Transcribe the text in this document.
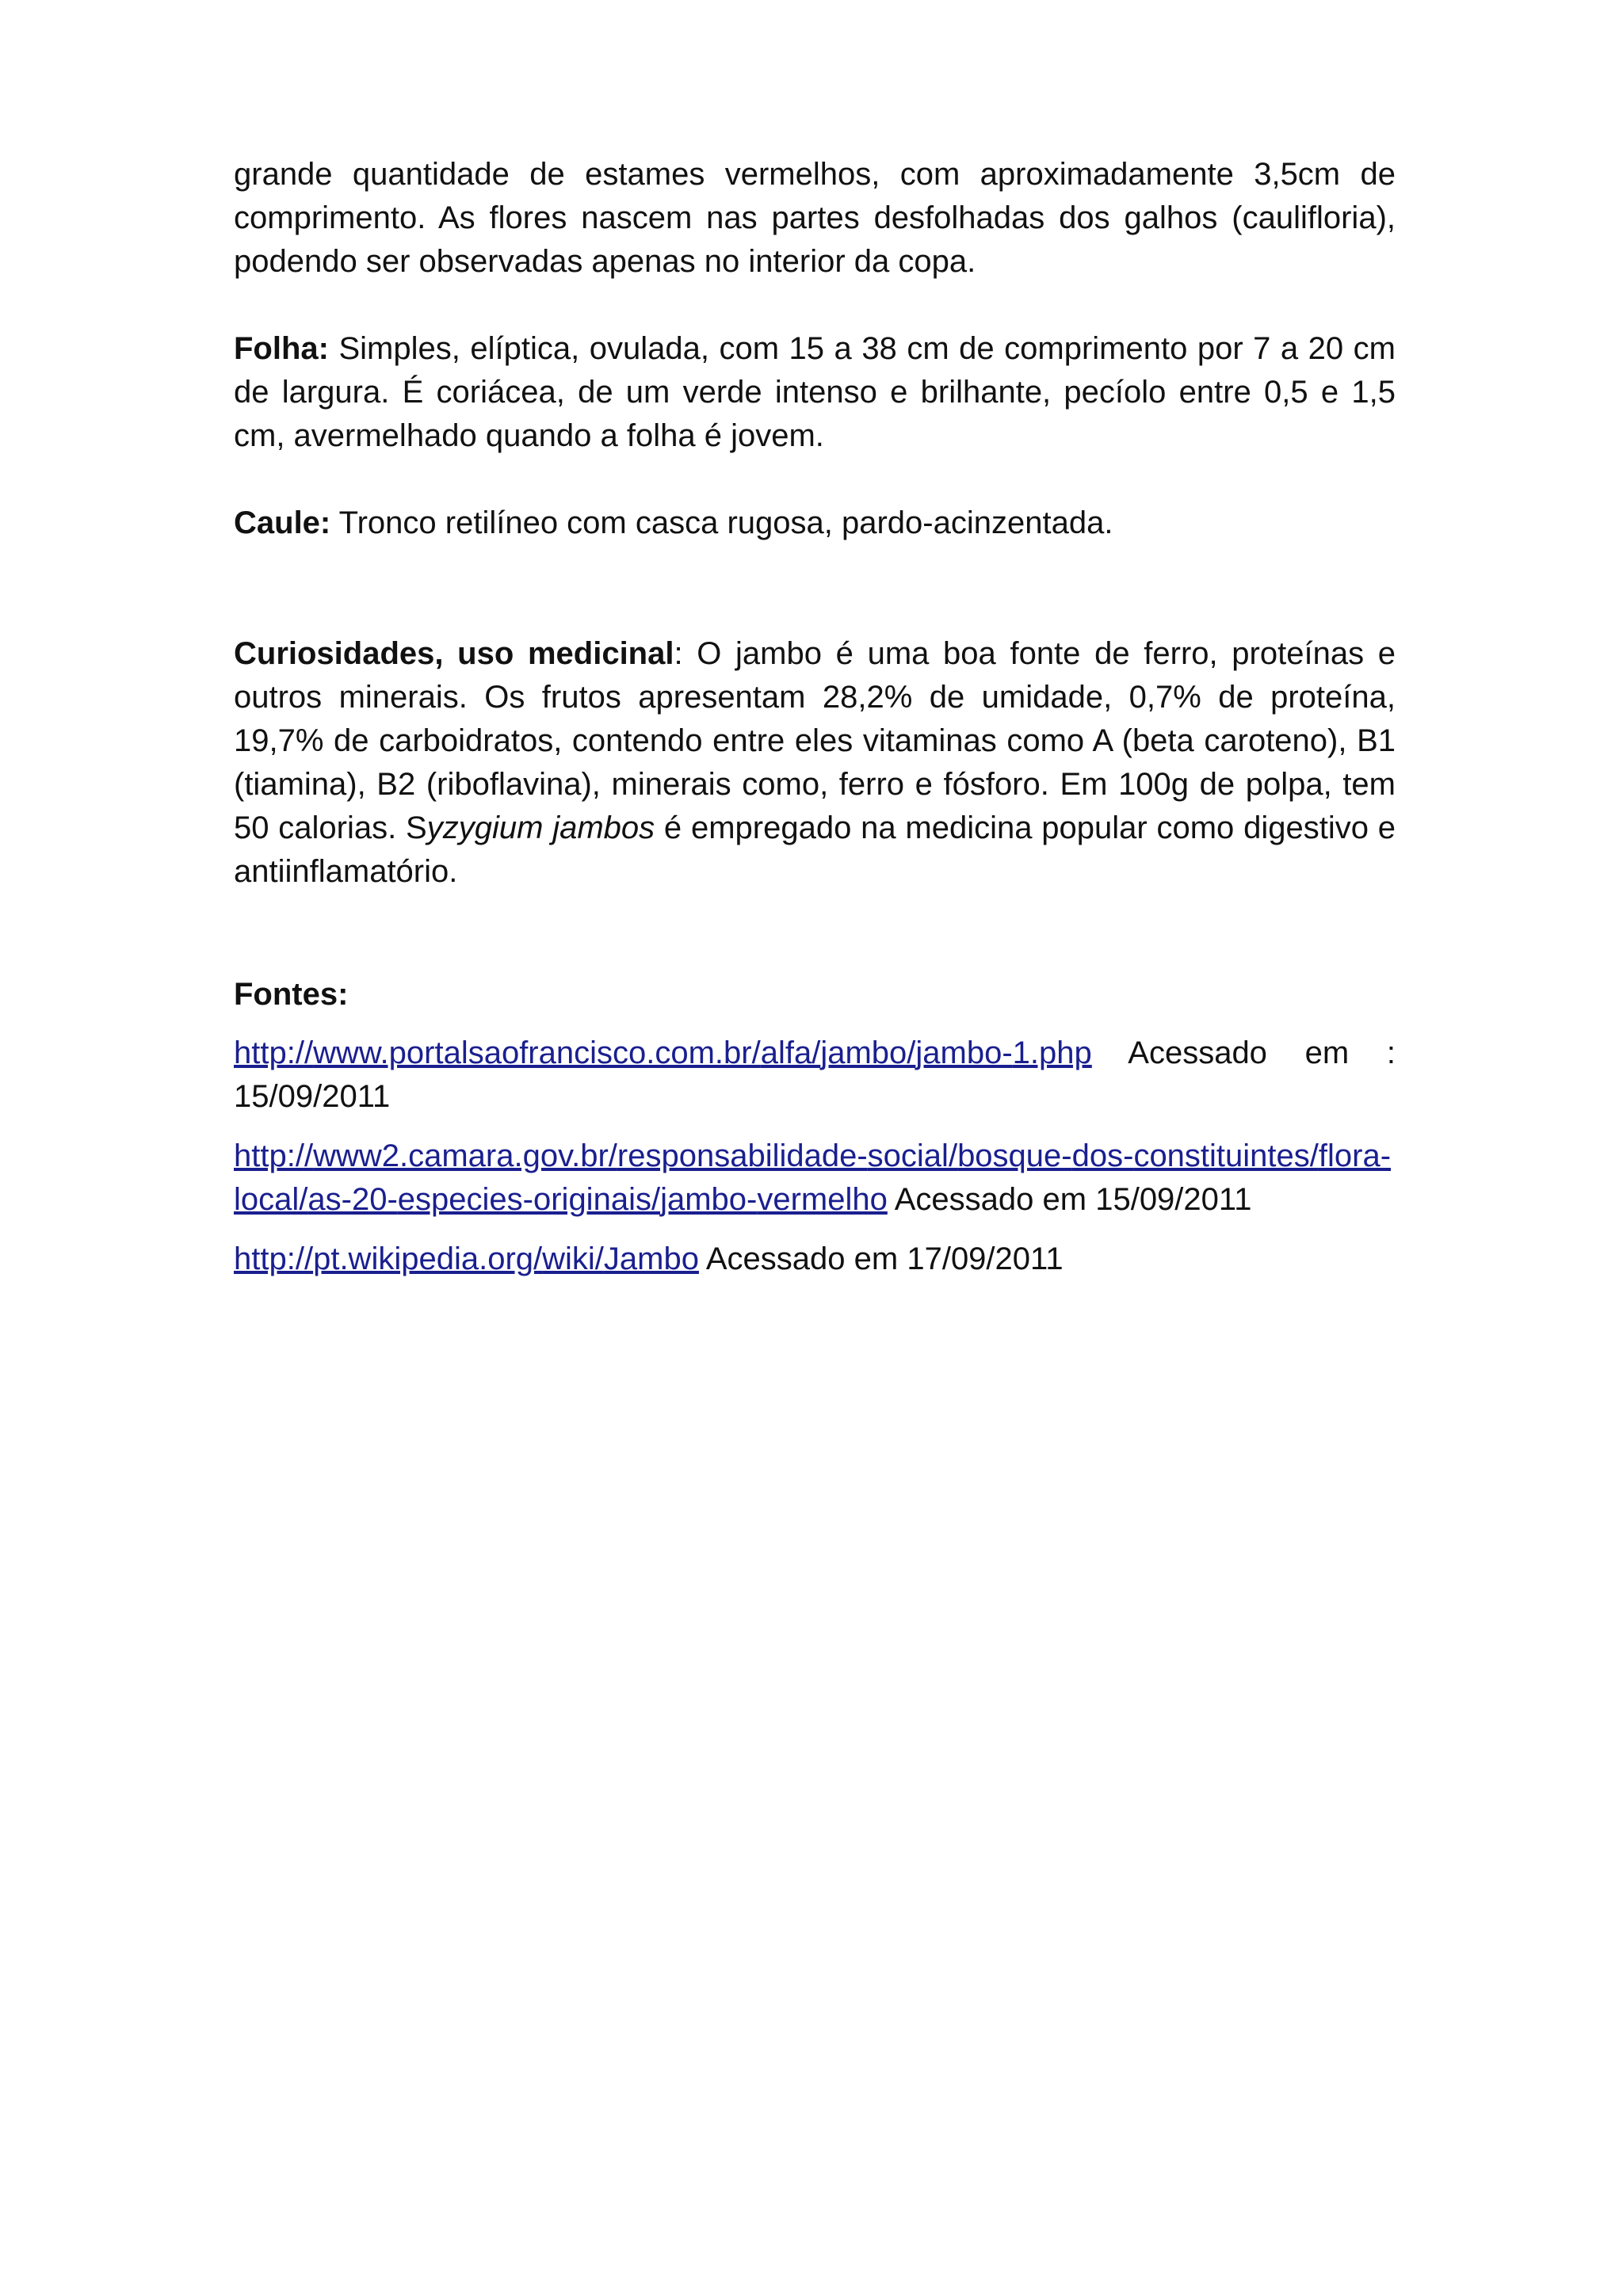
grande quantidade de estames vermelhos, com aproximadamente 3,5cm de comprimento. As flores nascem nas partes desfolhadas dos galhos (caulifloria), podendo ser observadas apenas no interior da copa.

Folha: Simples, elíptica, ovulada, com 15 a 38 cm de comprimento por 7 a 20 cm de largura. É coriácea, de um verde intenso e brilhante, pecíolo entre 0,5 e 1,5 cm, avermelhado quando a folha é jovem.

Caule: Tronco retilíneo com casca rugosa, pardo-acinzentada.

Curiosidades, uso medicinal: O jambo é uma boa fonte de ferro, proteínas e outros minerais. Os frutos apresentam 28,2% de umidade, 0,7% de proteína, 19,7% de carboidratos, contendo entre eles vitaminas como A (beta caroteno), B1 (tiamina), B2 (riboflavina), minerais como, ferro e fósforo. Em 100g de polpa, tem 50 calorias. Syzygium jambos é empregado na medicina popular como digestivo e antiinflamatório.

Fontes:

http://www.portalsaofrancisco.com.br/alfa/jambo/jambo-1.php Acessado em : 15/09/2011

http://www2.camara.gov.br/responsabilidade-social/bosque-dos-constituintes/flora-local/as-20-especies-originais/jambo-vermelho Acessado em 15/09/2011

http://pt.wikipedia.org/wiki/Jambo Acessado em 17/09/2011
